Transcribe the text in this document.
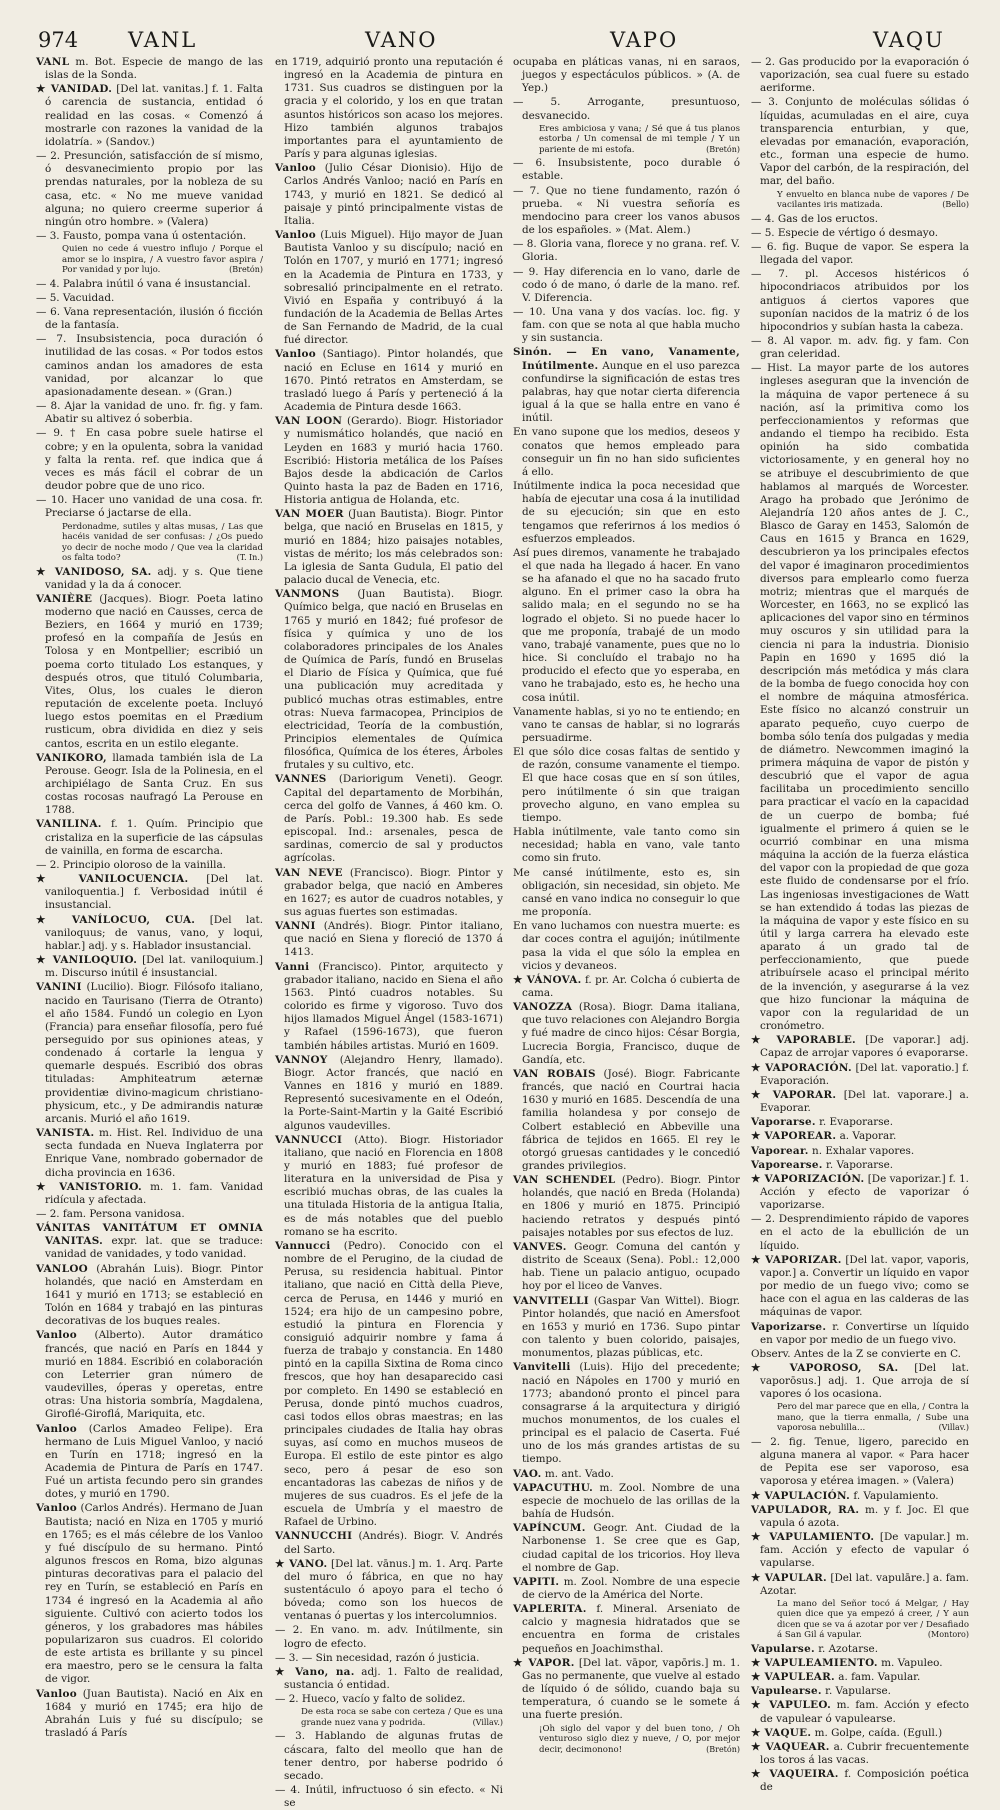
974 VANL	VANO	VAPO	VAQU
VANL m. Bot. Especie de mango de las islas de la Sonda.
★ VANIDAD. [Del lat. vanitas.] f. 1. Falta ó carencia de sustancia, entidad ó realidad en las cosas. « Comenzó á mostrarle con razones la vanidad de la idolatría. » (Sandov.)
— 2. Presunción, satisfacción de sí mismo, ó desvanecimiento propio por las prendas naturales, por la nobleza de su casa, etc. « No me mueve vanidad alguna; no quiero creerme superior á ningún otro hombre. » (Valera)
— 3. Fausto, pompa vana ú ostentación.
Quien no cede á vuestro influjo / Porque el amor se lo inspira, / A vuestro favor aspira / Por vanidad y por lujo.	(Bretón)
— 4. Palabra inútil ó vana é insustancial.
— 5. Vacuidad.
— 6. Vana representación, ilusión ó ficción de la fantasía.
— 7. Insubsistencia, poca duración ó inutilidad de las cosas. « Por todos estos caminos andan los amadores de esta vanidad, por alcanzar lo que apasionadamente desean. » (Gran.)
— 8. Ajar la vanidad de uno. fr. fig. y fam. Abatir su altivez ó soberbia.
— 9. † En casa pobre suele hatirse el cobre; y en la opulenta, sobra la vanidad y falta la renta. ref. que indica que á veces es más fácil el cobrar de un deudor pobre que de uno rico.
— 10. Hacer uno vanidad de una cosa. fr. Preciarse ó jactarse de ella.
Perdonadme, sutiles y altas musas, / Las que hacéis vanidad de ser confusas: / ¿Os puedo yo decir de noche modo / Que vea la claridad os falta todo?	(T. In.)
★ VANIDOSO, SA. adj. y s. Que tiene vanidad y la da á conocer.
VANIÈRE (Jacques). Biogr. Poeta latino moderno que nació en Causses, cerca de Beziers, en 1664 y murió en 1739; profesó en la compañía de Jesús en Tolosa y en Montpellier; escribió un poema corto titulado Los estanques, y después otros, que tituló Columbaria, Vites, Olus, los cuales le dieron reputación de excelente poeta. Incluyó luego estos poemitas en el Prædium rusticum, obra dividida en diez y seis cantos, escrita en un estilo elegante.
VANIKORO, llamada también isla de La Perouse. Geogr. Isla de la Polinesia, en el archipiélago de Santa Cruz. En sus costas rocosas naufragó La Perouse en 1788.
VANILINA. f. 1. Quím. Principio que cristaliza en la superficie de las cápsulas de vainilla, en forma de escarcha.
— 2. Principio oloroso de la vainilla.
★ VANILOCUENCIA. [Del lat. vaniloquentia.] f. Verbosidad inútil é insustancial.
★ VANÍLOCUO, CUA. [Del lat. vaniloquus; de vanus, vano, y loqui, hablar.] adj. y s. Hablador insustancial.
★ VANILOQUIO. [Del lat. vaniloquium.] m. Discurso inútil é insustancial.
VANINI (Lucilio). Biogr. Filósofo italiano, nacido en Taurisano (Tierra de Otranto) el año 1584. Fundó un colegio en Lyon (Francia) para enseñar filosofía, pero fué perseguido por sus opiniones ateas, y condenado á cortarle la lengua y quemarle después. Escribió dos obras tituladas: Amphiteatrum æternæ providentiæ divino-magicum christiano-physicum, etc., y De admirandis naturæ arcanis. Murió el año 1619.
VANISTA. m. Hist. Rel. Individuo de una secta fundada en Nueva Inglaterra por Enrique Vane, nombrado gobernador de dicha provincia en 1636.
★ VANISTORIO. m. 1. fam. Vanidad ridícula y afectada.
— 2. fam. Persona vanidosa.
VÁNITAS VANITÁTUM ET OMNIA VANITAS. expr. lat. que se traduce: vanidad de vanidades, y todo vanidad.
VANLOO (Abrahán Luis). Biogr. Pintor holandés, que nació en Amsterdam en 1641 y murió en 1713; se estableció en Tolón en 1684 y trabajó en las pinturas decorativas de los buques reales.
Vanloo (Alberto). Autor dramático francés, que nació en París en 1844 y murió en 1884. Escribió en colaboración con Leterrier gran número de vaudevilles, óperas y operetas, entre otras: Una historia sombría, Magdalena, Giroflé-Giroflá, Mariquita, etc.
Vanloo (Carlos Amadeo Felipe). Era hermano de Luis Miguel Vanloo, y nació en Turín en 1718; ingresó en la Academia de Pintura de París en 1747. Fué un artista fecundo pero sin grandes dotes, y murió en 1790.
Vanloo (Carlos Andrés). Hermano de Juan Bautista; nació en Niza en 1705 y murió en 1765; es el más célebre de los Vanloo y fué discípulo de su hermano. Pintó algunos frescos en Roma, bizo algunas pinturas decorativas para el palacio del rey en Turín, se estableció en París en 1734 é ingresó en la Academia al año siguiente. Cultivó con acierto todos los géneros, y los grabadores mas hábiles popularizaron sus cuadros. El colorido de este artista es brillante y su pincel era maestro, pero se le censura la falta de vigor.
Vanloo (Juan Bautista). Nació en Aix en 1684 y murió en 1745; era hijo de Abrahán Luis y fué su discípulo; se trasladó á París
en 1719, adquirió pronto una reputación é ingresó en la Academia de pintura en 1731. Sus cuadros se distinguen por la gracia y el colorido, y los en que tratan asuntos históricos son acaso los mejores. Hizo también algunos trabajos importantes para el ayuntamiento de París y para algunas iglesias.
Vanloo (Julio César Dionisio). Hijo de Carlos Andrés Vanloo; nació en París en 1743, y murió en 1821. Se dedicó al paisaje y pintó principalmente vistas de Italia.
Vanloo (Luis Miguel). Hijo mayor de Juan Bautista Vanloo y su discípulo; nació en Tolón en 1707, y murió en 1771; ingresó en la Academia de Pintura en 1733, y sobresalió principalmente en el retrato. Vivió en España y contribuyó á la fundación de la Academia de Bellas Artes de San Fernando de Madrid, de la cual fué director.
Vanloo (Santiago). Pintor holandés, que nació en Ecluse en 1614 y murió en 1670. Pintó retratos en Amsterdam, se trasladó luego á París y perteneció á la Academia de Pintura desde 1663.
VAN LOON (Gerardo). Biogr. Historiador y numismático holandés, que nació en Leyden en 1683 y murió hacia 1760. Escribió: Historia metálica de los Países Bajos desde la abdicación de Carlos Quinto hasta la paz de Baden en 1716, Historia antigua de Holanda, etc.
VAN MOER (Juan Bautista). Biogr. Pintor belga, que nació en Bruselas en 1815, y murió en 1884; hizo paisajes notables, vistas de mérito; los más celebrados son: La iglesia de Santa Gudula, El patio del palacio ducal de Venecia, etc.
VANMONS (Juan Bautista). Biogr. Químico belga, que nació en Bruselas en 1765 y murió en 1842; fué profesor de física y química y uno de los colaboradores principales de los Anales de Química de París, fundó en Bruselas el Diario de Física y Química, que fué una publicación muy acreditada y publicó muchas otras estimables, entre otras: Nueva farmacopea, Principios de electricidad, Teoría de la combustión, Principios elementales de Química filosófica, Química de los éteres, Árboles frutales y su cultivo, etc.
VANNES (Dariorigum Veneti). Geogr. Capital del departamento de Morbihán, cerca del golfo de Vannes, á 460 km. O. de París. Pobl.: 19.300 hab. Es sede episcopal. Ind.: arsenales, pesca de sardinas, comercio de sal y productos agrícolas.
VAN NEVE (Francisco). Biogr. Pintor y grabador belga, que nació en Amberes en 1627; es autor de cuadros notables, y sus aguas fuertes son estimadas.
VANNI (Andrés). Biogr. Pintor italiano, que nació en Siena y floreció de 1370 á 1413.
Vanni (Francisco). Pintor, arquitecto y grabador italiano, nacido en Siena el año 1563. Pintó cuadros notables. Su colorido es firme y vigoroso. Tuvo dos hijos llamados Miguel Ángel (1583-1671) y Rafael (1596-1673), que fueron también hábiles artistas. Murió en 1609.
VANNOY (Alejandro Henry, llamado). Biogr. Actor francés, que nació en Vannes en 1816 y murió en 1889. Representó sucesivamente en el Odeón, la Porte-Saint-Martin y la Gaité Escribió algunos vaudevilles.
VANNUCCI (Atto). Biogr. Historiador italiano, que nació en Florencia en 1808 y murió en 1883; fué profesor de literatura en la universidad de Pisa y escribió muchas obras, de las cuales la una titulada Historia de la antigua Italia, es de más notables que del pueblo romano se ha escrito.
Vannucci (Pedro). Conocido con el nombre de el Perugino, de la ciudad de Perusa, su residencia habitual. Pintor italiano, que nació en Città della Pieve, cerca de Perusa, en 1446 y murió en 1524; era hijo de un campesino pobre, estudió la pintura en Florencia y consiguió adquirir nombre y fama á fuerza de trabajo y constancia. En 1480 pintó en la capilla Sixtina de Roma cinco frescos, que hoy han desaparecido casi por completo. En 1490 se estableció en Perusa, donde pintó muchos cuadros, casi todos ellos obras maestras; en las principales ciudades de Italia hay obras suyas, así como en muchos museos de Europa. El estilo de este pintor es algo seco, pero á pesar de eso son encantadoras las cabezas de niños y de mujeres de sus cuadros. Es el jefe de la escuela de Umbría y el maestro de Rafael de Urbino.
VANNUCCHI (Andrés). Biogr. V. Andrés del Sarto.
★ VANO. [Del lat. vānus.] m. 1. Arq. Parte del muro ó fábrica, en que no hay sustentáculo ó apoyo para el techo ó bóveda; como son los huecos de ventanas ó puertas y los intercolumnios.
— 2. En vano. m. adv. Inútilmente, sin logro de efecto.
— 3. — Sin necesidad, razón ó justicia.
★ Vano, na. adj. 1. Falto de realidad, sustancia ó entidad.
— 2. Hueco, vacío y falto de solidez.
De esta roca se sabe con certeza / Que es una grande nuez vana y podrida.	(Villav.)
— 3. Hablando de algunas frutas de cáscara, falto del meollo que han de tener dentro, por haberse podrido ó secado.
— 4. Inútil, infructuoso ó sin efecto. « Ni se
ocupaba en pláticas vanas, ni en saraos, juegos y espectáculos públicos. » (A. de Yep.)
— 5. Arrogante, presuntuoso, desvanecido.
Eres ambiciosa y vana; / Sé que á tus planos estorba / Un comensal de mi temple / Y un pariente de mi estofa.	(Bretón)
— 6. Insubsistente, poco durable ó estable.
— 7. Que no tiene fundamento, razón ó prueba. « Ni vuestra señoría es mendocino para creer los vanos abusos de los españoles. » (Mat. Alem.)
— 8. Gloria vana, florece y no grana. ref. V. Gloria.
— 9. Hay diferencia en lo vano, darle de codo ó de mano, ó darle de la mano. ref. V. Diferencia.
— 10. Una vana y dos vacías. loc. fig. y fam. con que se nota al que habla mucho y sin sustancia.
Sinón. — En vano, Vanamente, Inútilmente. Aunque en el uso parezca confundirse la significación de estas tres palabras, hay que notar cierta diferencia igual á la que se halla entre en vano é inútil.
En vano supone que los medios, deseos y conatos que hemos empleado para conseguir un fin no han sido suficientes á ello.
Inútilmente indica la poca necesidad que había de ejecutar una cosa á la inutilidad de su ejecución; sin que en esto tengamos que referirnos á los medios ó esfuerzos empleados.
Así pues diremos, vanamente he trabajado el que nada ha llegado á hacer. En vano se ha afanado el que no ha sacado fruto alguno. En el primer caso la obra ha salido mala; en el segundo no se ha logrado el objeto. Si no puede hacer lo que me proponía, trabajé de un modo vano, trabajé vanamente, pues que no lo hice. Si concluído el trabajo no ha producido el efecto que yo esperaba, en vano he trabajado, esto es, he hecho una cosa inútil.
Vanamente hablas, si yo no te entiendo; en vano te cansas de hablar, si no lograrás persuadirme.
El que sólo dice cosas faltas de sentido y de razón, consume vanamente el tiempo. El que hace cosas que en sí son útiles, pero inútilmente ó sin que traigan provecho alguno, en vano emplea su tiempo.
Habla inútilmente, vale tanto como sin necesidad; habla en vano, vale tanto como sin fruto.
Me cansé inútilmente, esto es, sin obligación, sin necesidad, sin objeto. Me cansé en vano indica no conseguir lo que me proponía.
En vano luchamos con nuestra muerte: es dar coces contra el aguijón; inútilmente pasa la vida el que sólo la emplea en vicios y devaneos.
★ VÁNOVA. f. pr. Ar. Colcha ó cubierta de cama.
VANOZZA (Rosa). Biogr. Dama italiana, que tuvo relaciones con Alejandro Borgia y fué madre de cinco hijos: César Borgia, Lucrecia Borgia, Francisco, duque de Gandía, etc.
VAN ROBAIS (José). Biogr. Fabricante francés, que nació en Courtrai hacia 1630 y murió en 1685. Descendía de una familia holandesa y por consejo de Colbert estableció en Abbeville una fábrica de tejidos en 1665. El rey le otorgó gruesas cantidades y le concedió grandes privilegios.
VAN SCHENDEL (Pedro). Biogr. Pintor holandés, que nació en Breda (Holanda) en 1806 y murió en 1875. Principió haciendo retratos y después pintó paisajes notables por sus efectos de luz.
VANVES. Geogr. Comuna del cantón y distrito de Sceaux (Sena). Pobl.: 12,000 hab. Tiene un palacio antiguo, ocupado hoy por el liceo de Vanves.
VANVITELLI (Gaspar Van Wittel). Biogr. Pintor holandés, que nació en Amersfoot en 1653 y murió en 1736. Supo pintar con talento y buen colorido, paisajes, monumentos, plazas públicas, etc.
Vanvitelli (Luis). Hijo del precedente; nació en Nápoles en 1700 y murió en 1773; abandonó pronto el pincel para consagrarse á la arquitectura y dirigió muchos monumentos, de los cuales el principal es el palacio de Caserta. Fué uno de los más grandes artistas de su tiempo.
VAO. m. ant. Vado.
VAPACUTHU. m. Zool. Nombre de una especie de mochuelo de las orillas de la bahía de Hudsón.
VAPÍNCUM. Geogr. Ant. Ciudad de la Narbonense 1. Se cree que es Gap, ciudad capital de los tricorios. Hoy lleva el nombre de Gap.
VAPITI. m. Zool. Nombre de una especie de ciervo de la América del Norte.
VAPLERITA. f. Mineral. Arseniato de calcio y magnesia hidratados que se encuentra en forma de cristales pequeños en Joachimsthal.
★ VAPOR. [Del lat. vāpor, vapōris.] m. 1. Gas no permanente, que vuelve al estado de líquido ó de sólido, cuando baja su temperatura, ó cuando se le somete á una fuerte presión.
¡Oh siglo del vapor y del buen tono, / Oh venturoso siglo diez y nueve, / O, por mejor decir, decimonono!	(Bretón)
— 2. Gas producido por la evaporación ó vaporización, sea cual fuere su estado aeriforme.
— 3. Conjunto de moléculas sólidas ó líquidas, acumuladas en el aire, cuya transparencia enturbian, y que, elevadas por emanación, evaporación, etc., forman una especie de humo. Vapor del carbón, de la respiración, del mar, del baño.
Y envuelto en blanca nube de vapores / De vacilantes iris matizada.	(Bello)
— 4. Gas de los eructos.
— 5. Especie de vértigo ó desmayo.
— 6. fig. Buque de vapor. Se espera la llegada del vapor.
— 7. pl. Accesos histéricos ó hipocondriacos atribuidos por los antiguos á ciertos vapores que suponían nacidos de la matriz ó de los hipocondrios y subían hasta la cabeza.
— 8. Al vapor. m. adv. fig. y fam. Con gran celeridad.
— Hist. La mayor parte de los autores ingleses aseguran que la invención de la máquina de vapor pertenece á su nación, así la primitiva como los perfeccionamientos y reformas que andando el tiempo ha recibido. Esta opinión ha sido combatida victoriosamente, y en general hoy no se atribuye el descubrimiento de que hablamos al marqués de Worcester. Arago ha probado que Jerónimo de Alejandría 120 años antes de J. C., Blasco de Garay en 1453, Salomón de Caus en 1615 y Branca en 1629, descubrieron ya los principales efectos del vapor é imaginaron procedimientos diversos para emplearlo como fuerza motriz; mientras que el marqués de Worcester, en 1663, no se explicó las aplicaciones del vapor sino en términos muy oscuros y sin utilidad para la ciencia ni para la industria. Dionisio Papin en 1690 y 1695 dió la descripción más metódica y más clara de la bomba de fuego conocida hoy con el nombre de máquina atmosférica. Este físico no alcanzó construir un aparato pequeño, cuyo cuerpo de bomba sólo tenía dos pulgadas y media de diámetro. Newcommen imaginó la primera máquina de vapor de pistón y descubrió que el vapor de agua facilitaba un procedimiento sencillo para practicar el vacío en la capacidad de un cuerpo de bomba; fué igualmente el primero á quien se le ocurrió combinar en una misma máquina la acción de la fuerza elástica del vapor con la propiedad de que goza este fluido de condensarse por el frío. Las ingeniosas investigaciones de Watt se han extendido á todas las piezas de la máquina de vapor y este físico en su útil y larga carrera ha elevado este aparato á un grado tal de perfeccionamiento, que puede atribuírsele acaso el principal mérito de la invención, y asegurarse á la vez que hizo funcionar la máquina de vapor con la regularidad de un cronómetro.
★ VAPORABLE. [De vaporar.] adj. Capaz de arrojar vapores ó evaporarse.
★ VAPORACIÓN. [Del lat. vaporatio.] f. Evaporación.
★ VAPORAR. [Del lat. vaporare.] a. Evaporar.
Vaporarse. r. Evaporarse.
★ VAPOREAR. a. Vaporar.
Vaporear. n. Exhalar vapores.
Vaporearse. r. Vaporarse.
★ VAPORIZACIÓN. [De vaporizar.] f. 1. Acción y efecto de vaporizar ó vaporizarse.
— 2. Desprendimiento rápido de vapores en el acto de la ebullición de un líquido.
★ VAPORIZAR. [Del lat. vapor, vaporis, vapor.] a. Convertir un líquido en vapor por medio de un fuego vivo; como se hace con el agua en las calderas de las máquinas de vapor.
Vaporizarse. r. Convertirse un líquido en vapor por medio de un fuego vivo.
Observ. Antes de la Z se convierte en C.
★ VAPOROSO, SA. [Del lat. vaporōsus.] adj. 1. Que arroja de sí vapores ó los ocasiona.
Pero del mar parece que en ella, / Contra la mano, que la tierra enmalla, / Sube una vaporosa nebulilla...	(Villav.)
— 2. fig. Tenue, ligero, parecido en alguna manera al vapor. « Para hacer de Pepita ese ser vaporoso, esa vaporosa y etérea imagen. » (Valera)
★ VAPULACIÓN. f. Vapulamiento.
VAPULADOR, RA. m. y f. Joc. El que vapula ó azota.
★ VAPULAMIENTO. [De vapular.] m. fam. Acción y efecto de vapular ó vapularse.
★ VAPULAR. [Del lat. vapulāre.] a. fam. Azotar.
La mano del Señor tocó á Melgar, / Hay quien dice que ya empezó á creer, / Y aun dicen que se va á azotar por ver / Desafiado á San Gil á vapular.	(Montoro)
Vapularse. r. Azotarse.
★ VAPULEAMIENTO. m. Vapuleo.
★ VAPULEAR. a. fam. Vapular.
Vapulearse. r. Vapularse.
★ VAPULEO. m. fam. Acción y efecto de vapulear ó vapulearse.
★ VAQUE. m. Golpe, caída. (Egull.)
★ VAQUEAR. a. Cubrir frecuentemente los toros á las vacas.
★ VAQUEIRA. f. Composición poética de
